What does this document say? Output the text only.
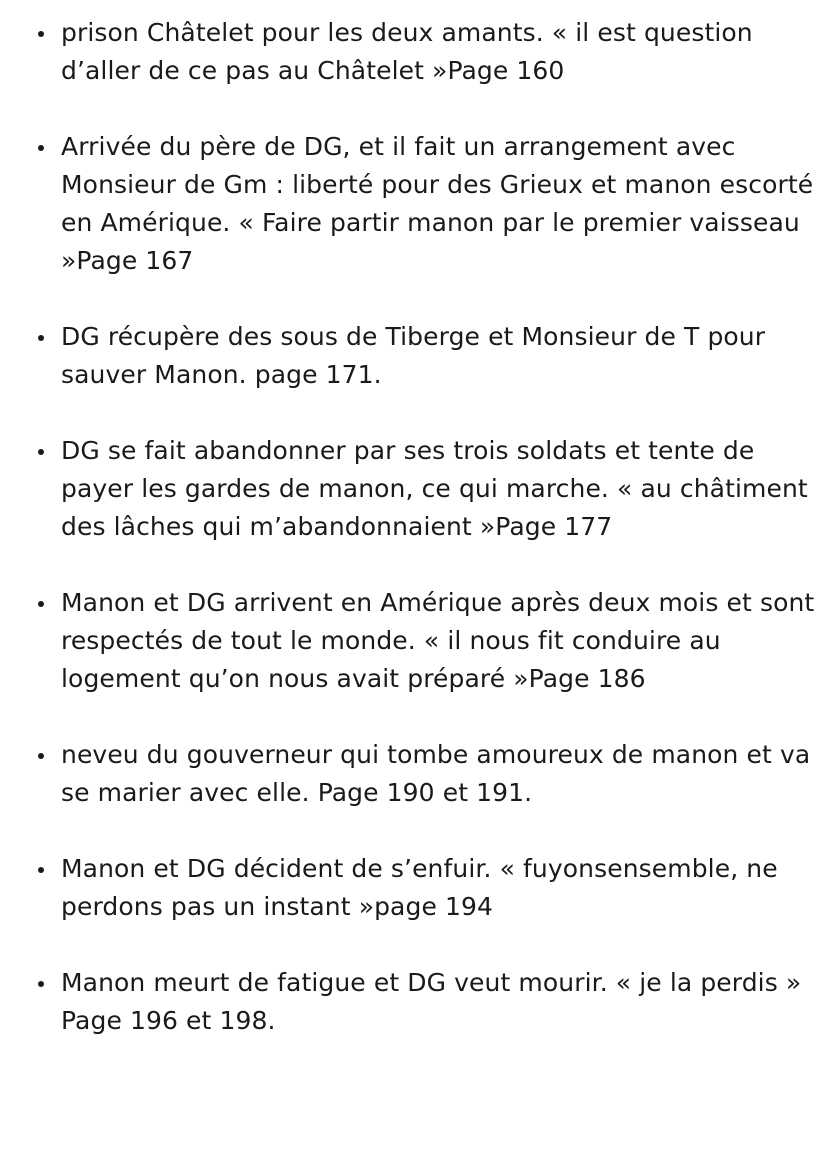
prison Châtelet pour les deux amants. « il est question d’aller de ce pas au Châtelet »Page 160
Arrivée du père de DG, et il fait un arrangement avec Monsieur de Gm : liberté pour des Grieux et manon escorté en Amérique. « Faire partir manon par le premier vaisseau »Page 167
DG récupère des sous de Tiberge et Monsieur de T pour sauver Manon. page 171.
DG se fait abandonner par ses trois soldats et tente de payer les gardes de manon, ce qui marche. « au châtiment des lâches qui m’abandonnaient »Page 177
Manon et DG arrivent en Amérique après deux mois et sont respectés de tout le monde. « il nous fit conduire au logement qu’on nous avait préparé »Page 186
neveu du gouverneur qui tombe amoureux de manon et va se marier avec elle. Page 190 et 191.
Manon et DG décident de s’enfuir. « fuyonsensemble, ne perdons pas un instant »page 194
Manon meurt de fatigue et DG veut mourir. « je la perdis » Page 196 et 198.
